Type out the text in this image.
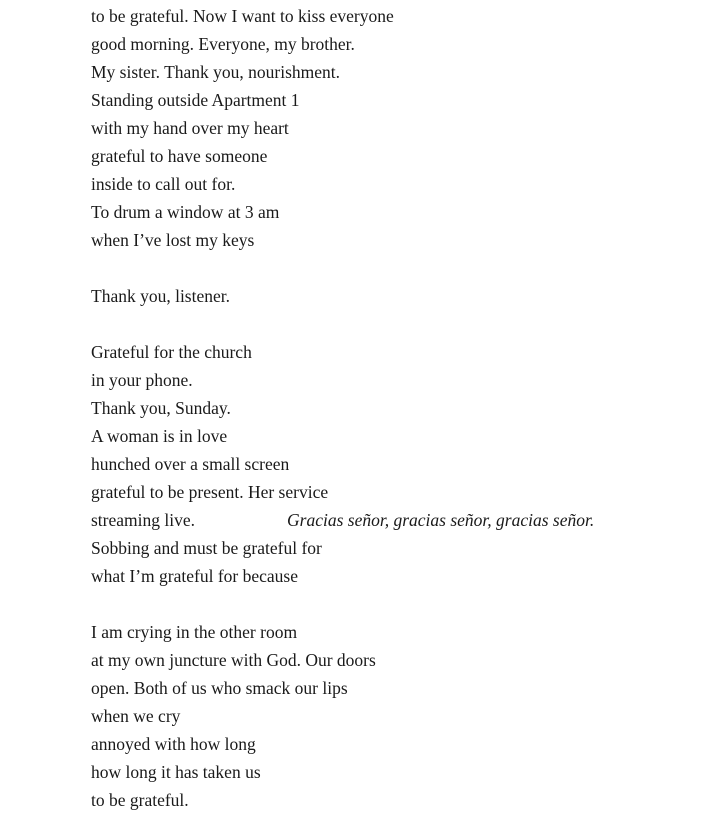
to be grateful. Now I want to kiss everyone
good morning. Everyone, my brother.
My sister. Thank you, nourishment.
Standing outside Apartment 1
with my hand over my heart
grateful to have someone
inside to call out for.
To drum a window at 3 am
when I’ve lost my keys
Thank you, listener.
Grateful for the church
in your phone.
Thank you, Sunday.
A woman is in love
hunched over a small screen
grateful to be present. Her service
streaming live.	Gracias señor, gracias señor, gracias señor.
Sobbing and must be grateful for
what I’m grateful for because
I am crying in the other room
at my own juncture with God. Our doors
open. Both of us who smack our lips
when we cry
annoyed with how long
how long it has taken us
to be grateful.
